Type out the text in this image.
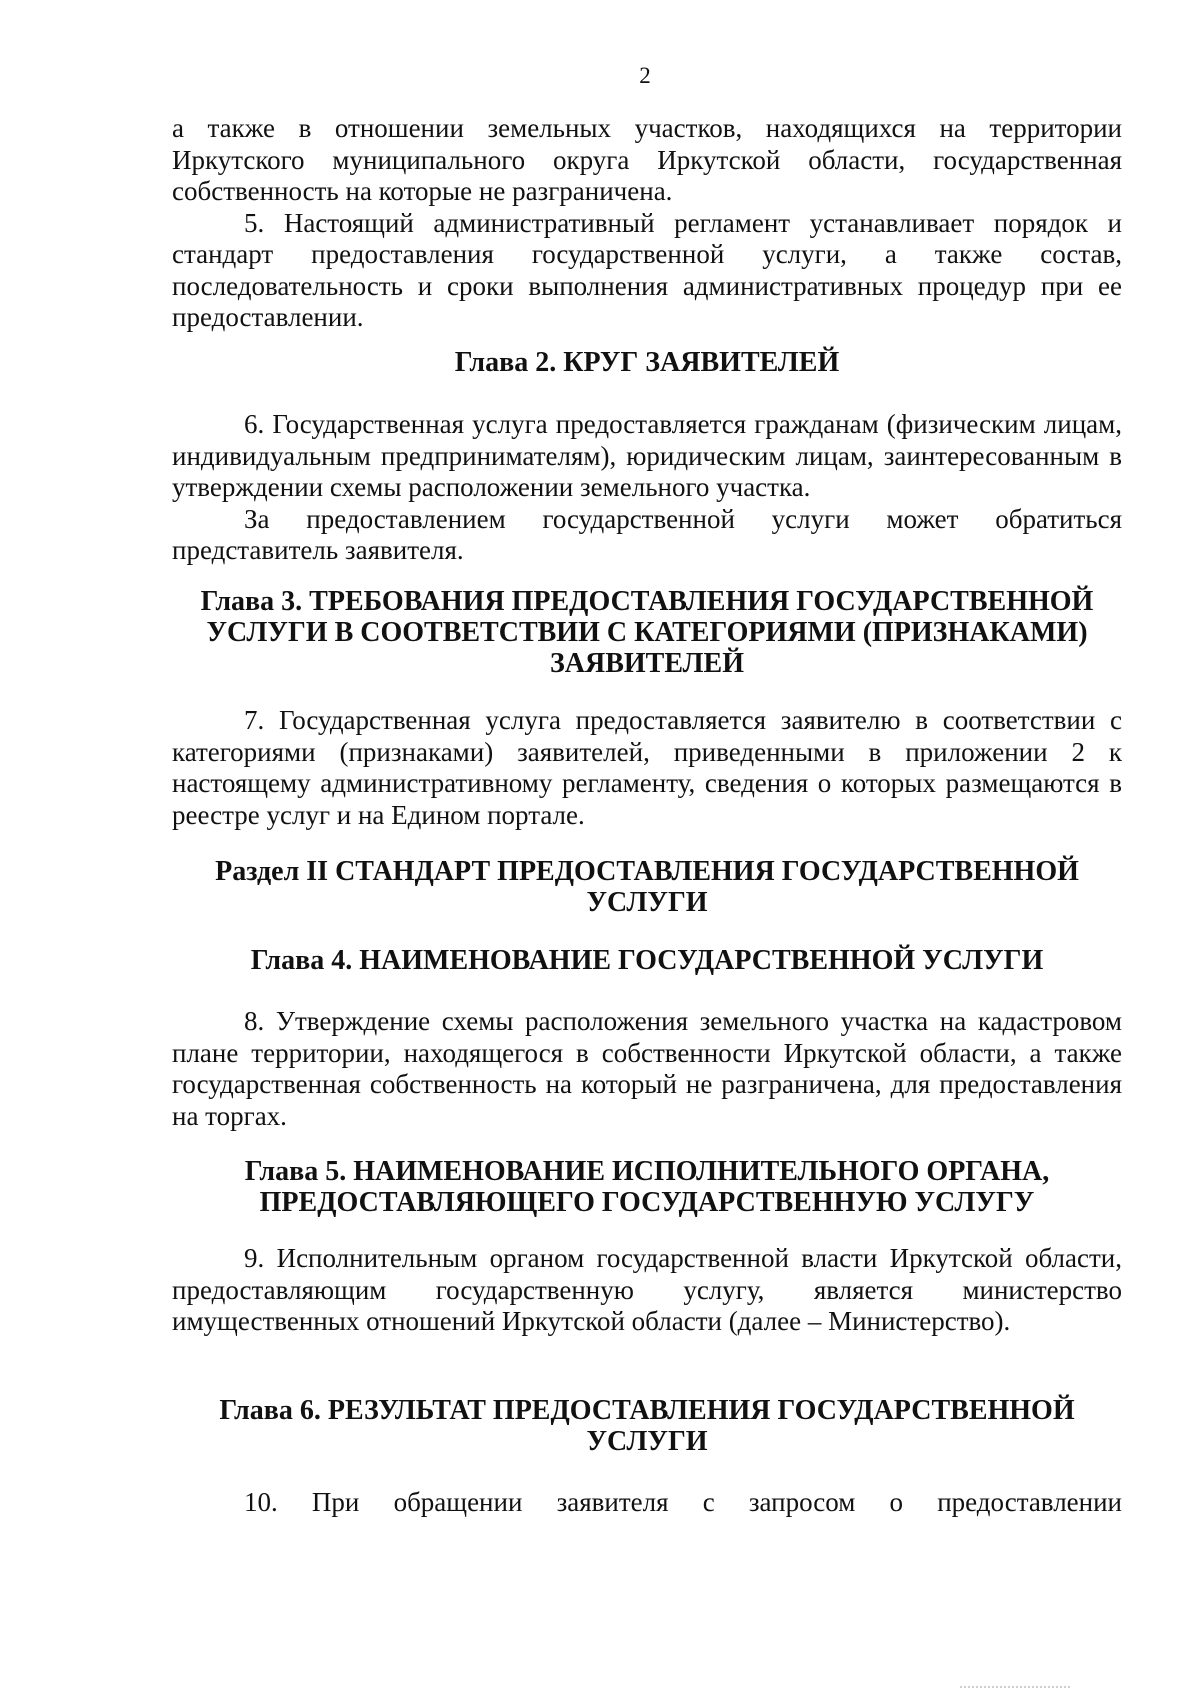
2

а также в отношении земельных участков, находящихся на территории Иркутского муниципального округа Иркутской области, государственная собственность на которые не разграничена.

5. Настоящий административный регламент устанавливает порядок и стандарт предоставления государственной услуги, а также состав, последовательность и сроки выполнения административных процедур при ее предоставлении.

Глава 2. КРУГ ЗАЯВИТЕЛЕЙ

6. Государственная услуга предоставляется гражданам (физическим лицам, индивидуальным предпринимателям), юридическим лицам, заинтересованным в утверждении схемы расположении земельного участка.

За предоставлением государственной услуги может обратиться представитель заявителя.

Глава 3. ТРЕБОВАНИЯ ПРЕДОСТАВЛЕНИЯ ГОСУДАРСТВЕННОЙ
УСЛУГИ В СООТВЕТСТВИИ С КАТЕГОРИЯМИ (ПРИЗНАКАМИ)
ЗАЯВИТЕЛЕЙ

7. Государственная услуга предоставляется заявителю в соответствии с категориями (признаками) заявителей, приведенными в приложении 2 к настоящему административному регламенту, сведения о которых размещаются в реестре услуг и на Едином портале.

Раздел II СТАНДАРТ ПРЕДОСТАВЛЕНИЯ ГОСУДАРСТВЕННОЙ
УСЛУГИ
Глава 4. НАИМЕНОВАНИЕ ГОСУДАРСТВЕННОЙ УСЛУГИ

8. Утверждение схемы расположения земельного участка на кадастровом плане территории, находящегося в собственности Иркутской области, а также государственная собственность на который не разграничена, для предоставления на торгах.

Глава 5. НАИМЕНОВАНИЕ ИСПОЛНИТЕЛЬНОГО ОРГАНА,
ПРЕДОСТАВЛЯЮЩЕГО ГОСУДАРСТВЕННУЮ УСЛУГУ

9. Исполнительным органом государственной власти Иркутской области, предоставляющим государственную услугу, является министерство имущественных отношений Иркутской области (далее – Министерство).

Глава 6. РЕЗУЛЬТАТ ПРЕДОСТАВЛЕНИЯ ГОСУДАРСТВЕННОЙ
УСЛУГИ

10. При обращении заявителя с запросом о предоставлении
